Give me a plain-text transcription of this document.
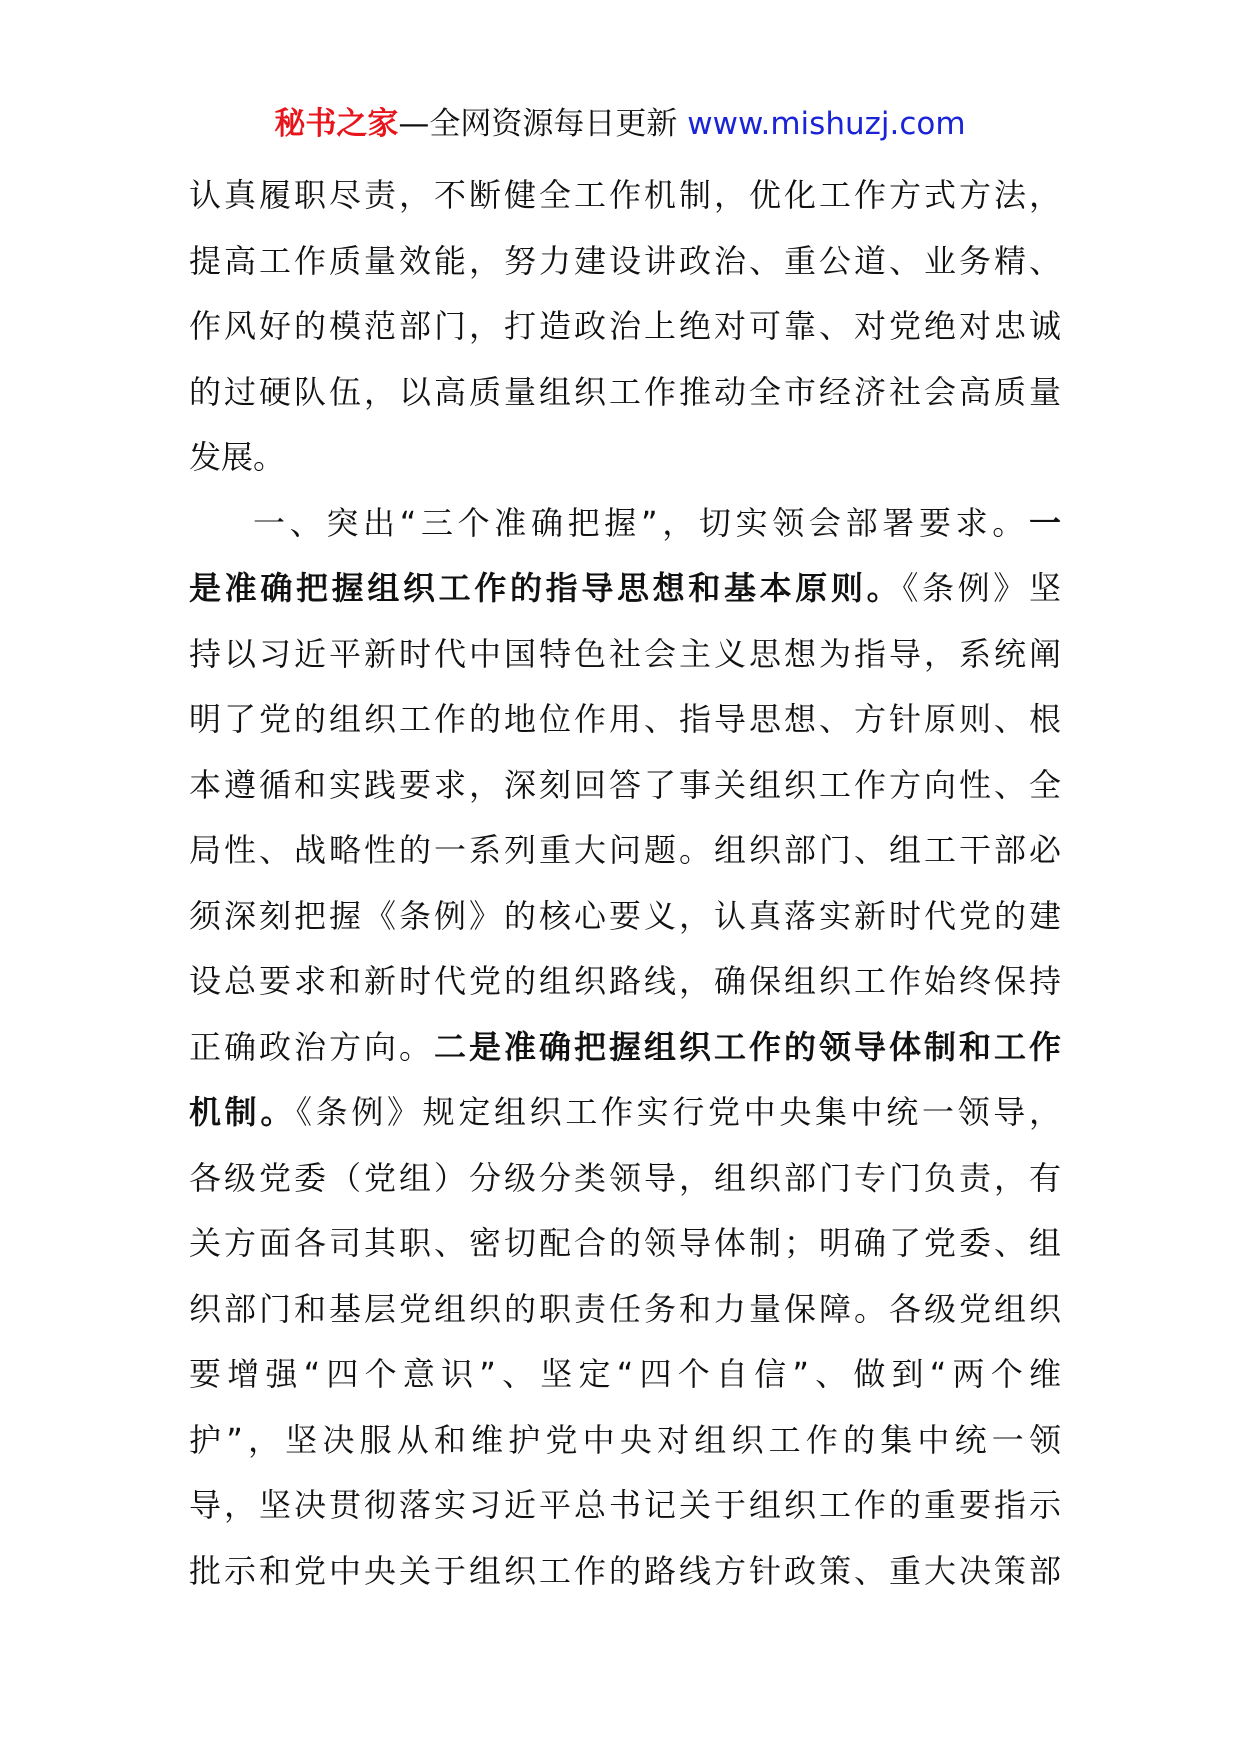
秘书之家—全网资源每日更新 www.mishuzj.com
认真履职尽责，不断健全工作机制，优化工作方式方法，
提高工作质量效能，努力建设讲政治、重公道、业务精、
作风好的模范部门，打造政治上绝对可靠、对党绝对忠诚
的过硬队伍，以高质量组织工作推动全市经济社会高质量
发展。
一、突出“三个准确把握”，切实领会部署要求。一
是准确把握组织工作的指导思想和基本原则。《条例》坚
持以习近平新时代中国特色社会主义思想为指导，系统阐
明了党的组织工作的地位作用、指导思想、方针原则、根
本遵循和实践要求，深刻回答了事关组织工作方向性、全
局性、战略性的一系列重大问题。组织部门、组工干部必
须深刻把握《条例》的核心要义，认真落实新时代党的建
设总要求和新时代党的组织路线，确保组织工作始终保持
正确政治方向。二是准确把握组织工作的领导体制和工作
机制。《条例》规定组织工作实行党中央集中统一领导，
各级党委（党组）分级分类领导，组织部门专门负责，有
关方面各司其职、密切配合的领导体制；明确了党委、组
织部门和基层党组织的职责任务和力量保障。各级党组织
要增强“四个意识”、坚定“四个自信”、做到“两个维
护”，坚决服从和维护党中央对组织工作的集中统一领
导，坚决贯彻落实习近平总书记关于组织工作的重要指示
批示和党中央关于组织工作的路线方针政策、重大决策部
